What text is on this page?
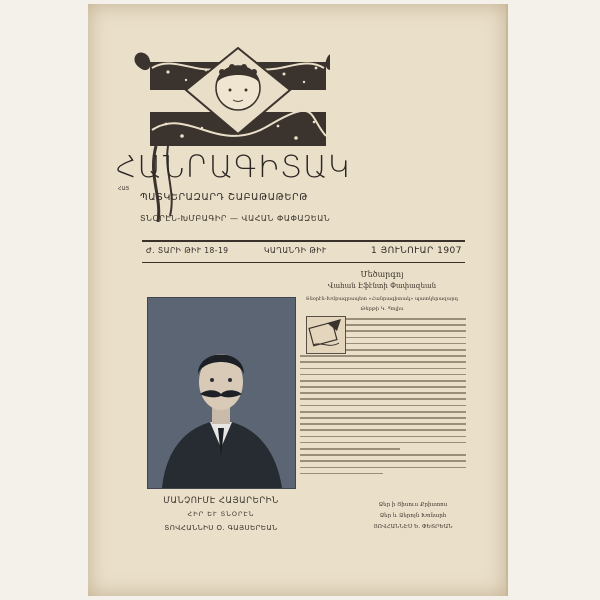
ՀԱՆՐԱԳԻՏԱԿ
ՀԱՅ
ՊԱՏԿԵՐԱԶԱՐԴ ՇԱԲԱԹԱԹԵՐԹ
ՏՆՕՐԷՆ-ԽՄԲԱԳԻՐ — ՎԱՀԱՆ ՓԱՓԱԶԵԱՆ
Ժ. ՏԱՐԻ ԹԻՒ 18-19	ԿԱՂԱՆԴԻ ԹԻՒ	1 ՅՈՒՆՈՒԱՐ 1907
ՄԱՆՉՈՒՄԷ ՀԱՅԱՐԵՐԻՆ
ՀԻՐ ԵՒ ՏՆՕՐԷՆ
ՏՈՎՀԱՆՆԻՍ Օ. ԳԱՅՍԵՐԵԱՆ
Մեծարգոյ
Վահան Էֆէնտի Փափազեան
Տնօրէն-Խմբագրապետ «Հանրագիտակ» պատկերազարդ
Թերթի Կ. Պոլիս
Ձեր ի Յիսուս Քրիստոս
Ձեր և Ձերոյն Խոնարհ
ՅՈՎՀԱՆՆԷՍ Ե. ՓԵՏՐԵԱՆ
